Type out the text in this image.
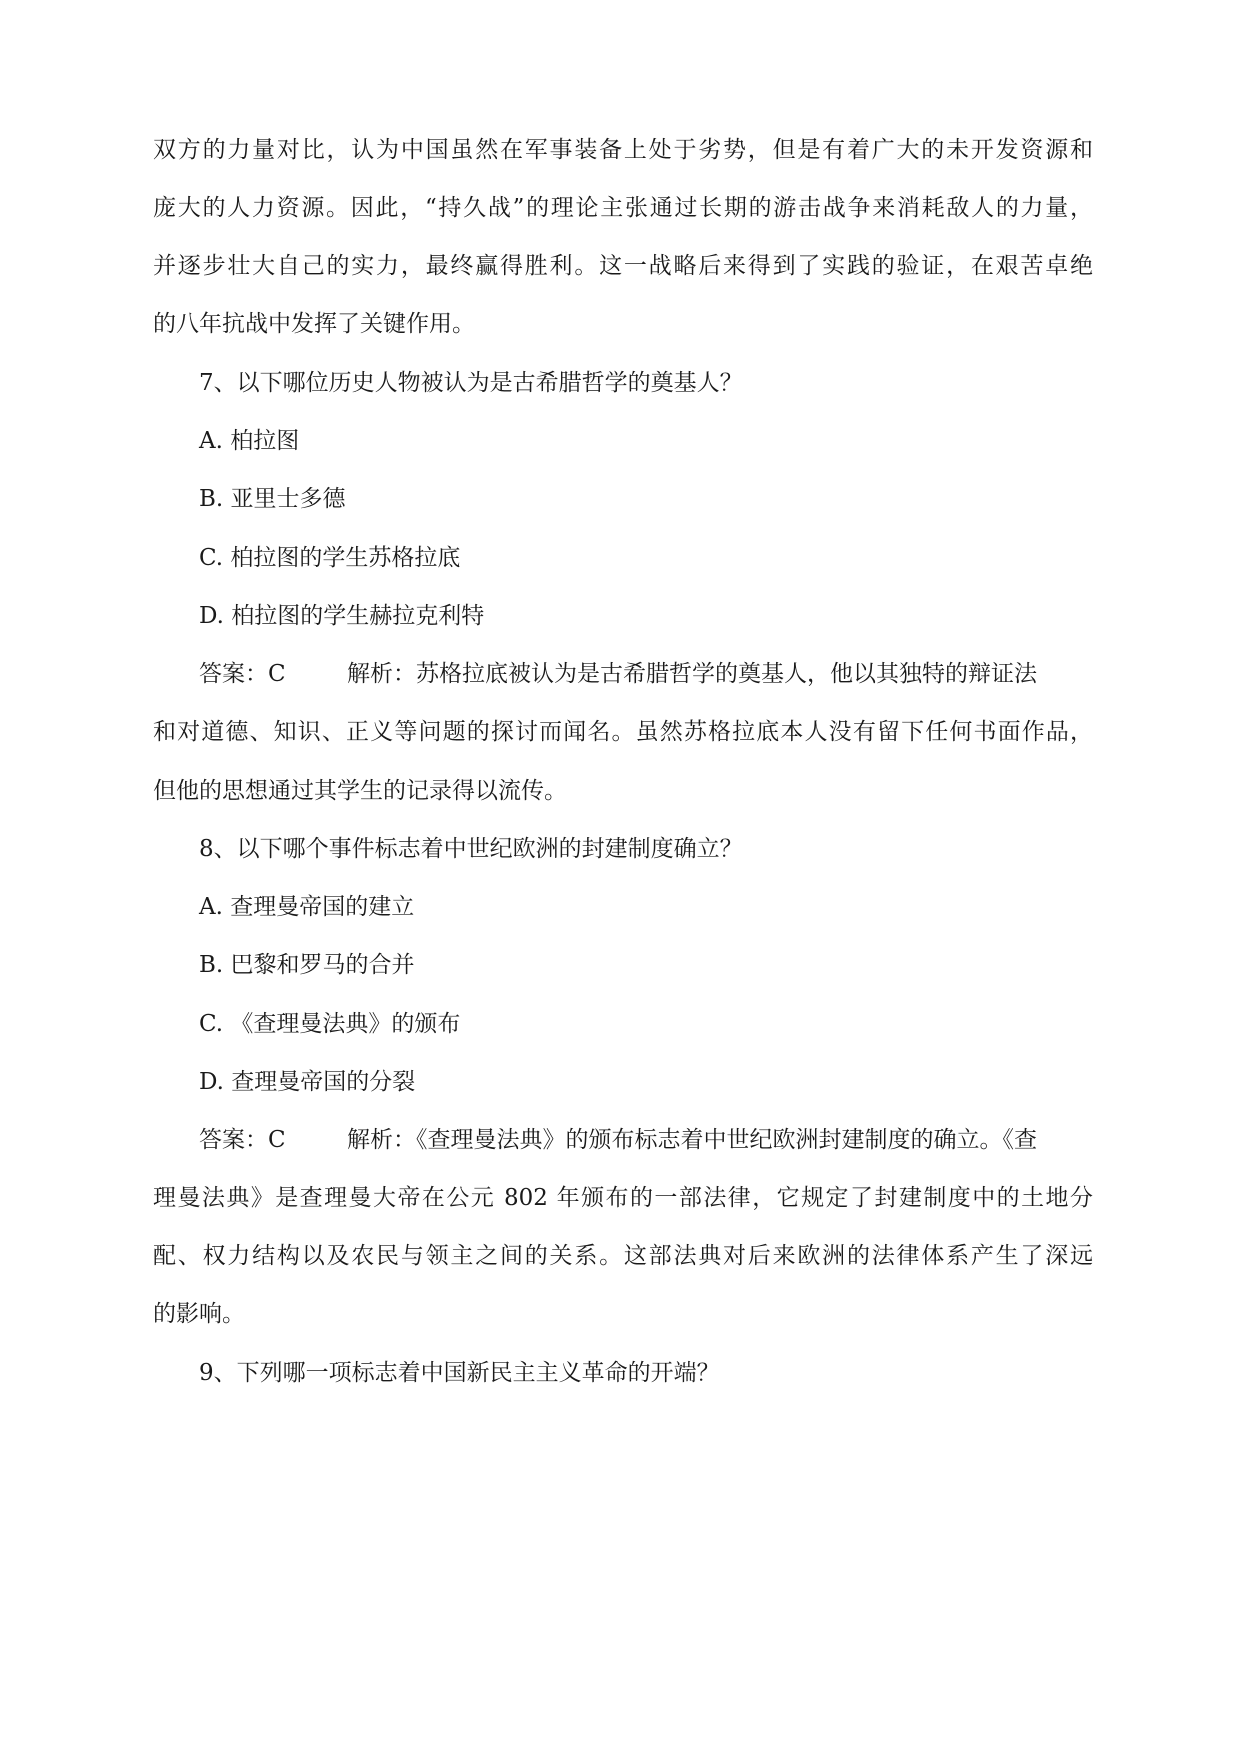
双方的力量对比，认为中国虽然在军事装备上处于劣势，但是有着广大的未开发资源和
庞大的人力资源。因此，“持久战”的理论主张通过长期的游击战争来消耗敌人的力量，
并逐步壮大自己的实力，最终赢得胜利。这一战略后来得到了实践的验证，在艰苦卓绝
的八年抗战中发挥了关键作用。
7、以下哪位历史人物被认为是古希腊哲学的奠基人？
A. 柏拉图
B. 亚里士多德
C. 柏拉图的学生苏格拉底
D. 柏拉图的学生赫拉克利特
答案：C	解析：苏格拉底被认为是古希腊哲学的奠基人，他以其独特的辩证法
和对道德、知识、正义等问题的探讨而闻名。虽然苏格拉底本人没有留下任何书面作品，
但他的思想通过其学生的记录得以流传。
8、以下哪个事件标志着中世纪欧洲的封建制度确立？
A. 查理曼帝国的建立
B. 巴黎和罗马的合并
C. 《查理曼法典》的颁布
D. 查理曼帝国的分裂
答案：C	解析：《查理曼法典》的颁布标志着中世纪欧洲封建制度的确立。《查
理曼法典》是查理曼大帝在公元 802 年颁布的一部法律，它规定了封建制度中的土地分
配、权力结构以及农民与领主之间的关系。这部法典对后来欧洲的法律体系产生了深远
的影响。
9、下列哪一项标志着中国新民主主义革命的开端？
